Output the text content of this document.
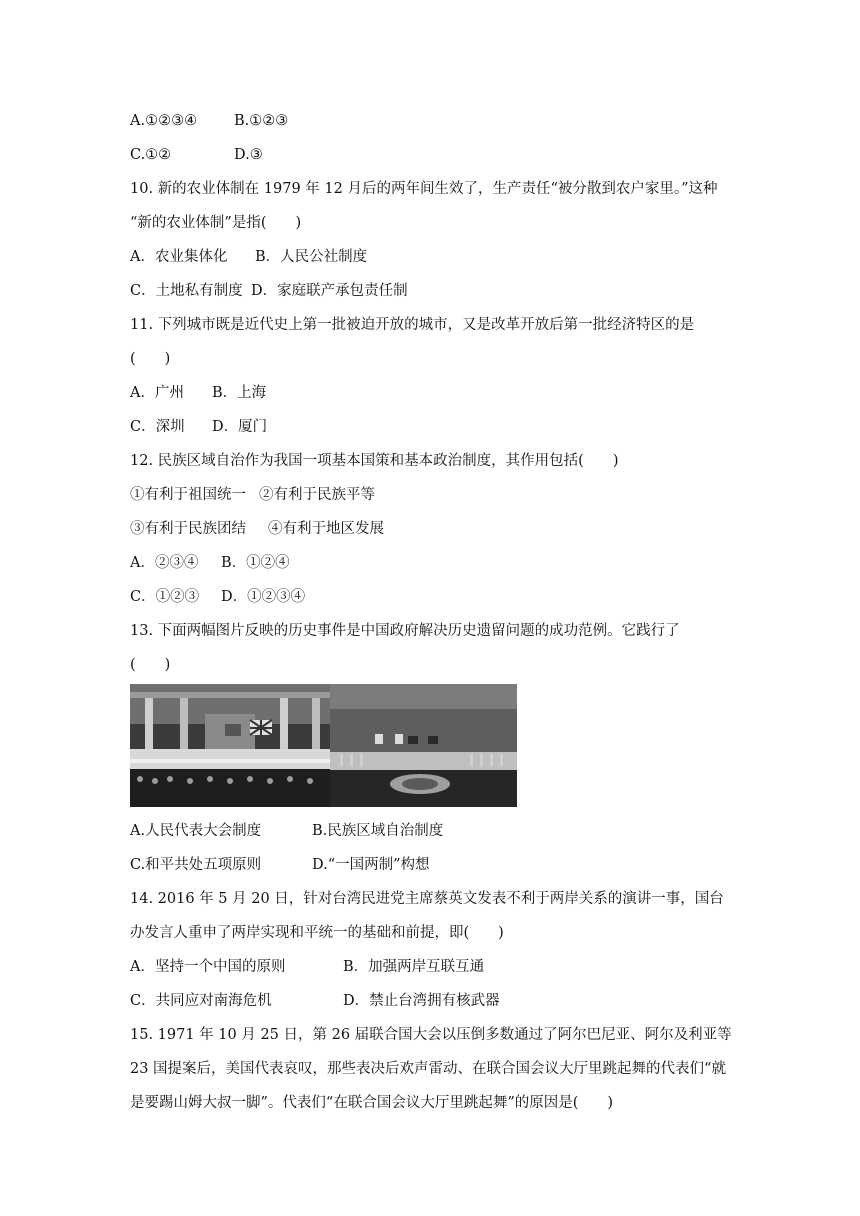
A.①②③④	B.①②③
C.①②	D.③
10. 新的农业体制在 1979 年 12 月后的两年间生效了，生产责任“被分散到农户家里。”这种
“新的农业体制”是指(　　)
A．农业集体化 B．人民公社制度
C．土地私有制度 D．家庭联产承包责任制
11. 下列城市既是近代史上第一批被迫开放的城市，又是改革开放后第一批经济特区的是
(　　)
A．广州 B．上海
C．深圳 D．厦门
12. 民族区域自治作为我国一项基本国策和基本政治制度，其作用包括(　　)
①有利于祖国统一 ②有利于民族平等
③有利于民族团结 ④有利于地区发展
A．②③④ B．①②④
C．①②③ D．①②③④
13. 下面两幅图片反映的历史事件是中国政府解决历史遗留问题的成功范例。它践行了
(　　)
A.人民代表大会制度	B.民族区域自治制度
C.和平共处五项原则	D.“一国两制”构想
14. 2016 年 5 月 20 日，针对台湾民进党主席蔡英文发表不利于两岸关系的演讲一事，国台
办发言人重申了两岸实现和平统一的基础和前提，即(　　)
A．坚持一个中国的原则	B．加强两岸互联互通
C．共同应对南海危机	D．禁止台湾拥有核武器
15. 1971 年 10 月 25 日，第 26 届联合国大会以压倒多数通过了阿尔巴尼亚、阿尔及利亚等
23 国提案后，美国代表哀叹，那些表决后欢声雷动、在联合国会议大厅里跳起舞的代表们“就
是要踢山姆大叔一脚”。代表们“在联合国会议大厅里跳起舞”的原因是(　　)
